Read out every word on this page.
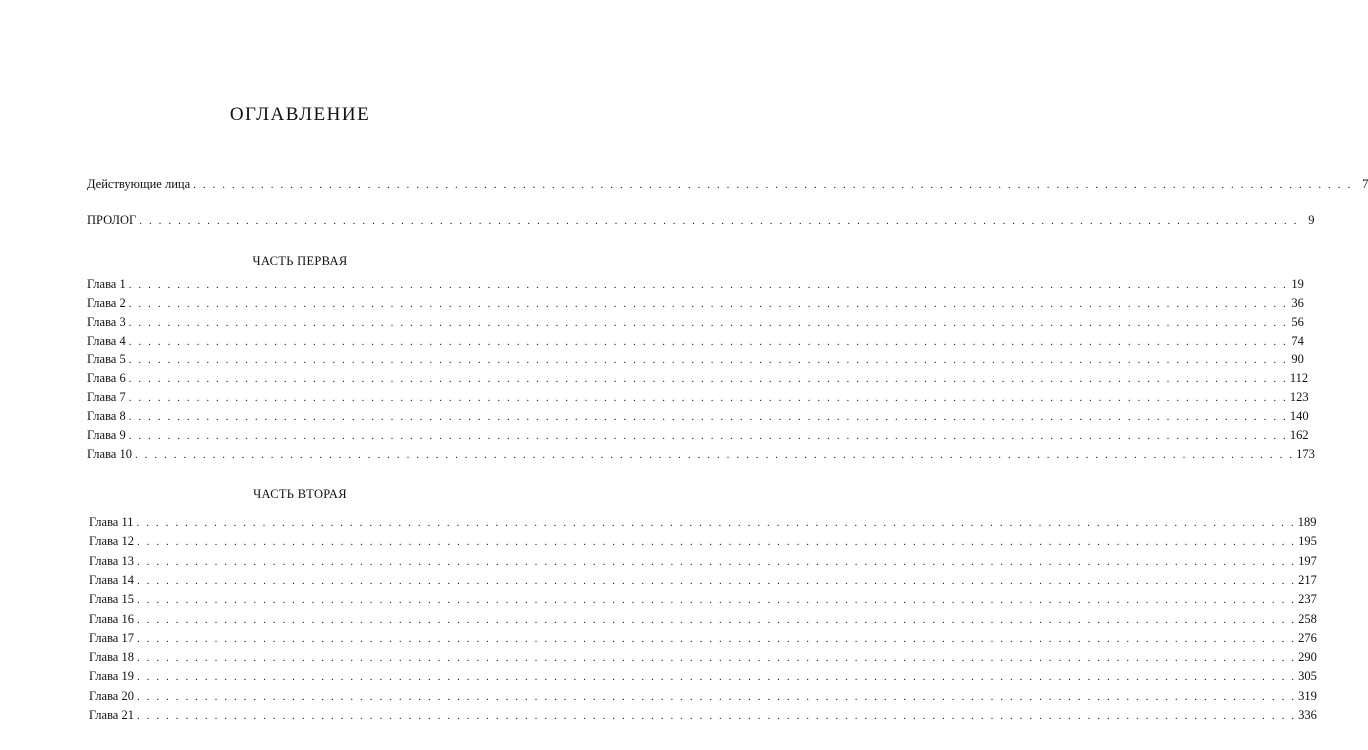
ОГЛАВЛЕНИЕ
Действующие лица . . . . . . . . . . . . . . . . . . . . . . . . . . . . . . . . . . . . . . . . . . . . . . . . . . . . . . . . . . . . . . . . . . . . . . . . . . . . . . . . . . . . . . . . . . . . . . . . . . . . . . . . . . . . . . . . . . . . . . . . 7
ПРОЛОГ . . . . . . . . . . . . . . . . . . . . . . . . . . . . . . . . . . . . . . . . . . . . . . . . . . . . . . . . . . . . . . . . . . . . . . . . . . . . . . . . . . . . . . . . . . . . . . . . . . . . . . . . . . . . . . . . . . . . . . . . 9
ЧАСТЬ ПЕРВАЯ
Глава 1 . . . . . . . . . . . . . . . . . . . . . . . . . . . . . . . . . . . . . . . . . . . . . . . . . . . . . . . . . . . . . . . . . . . . . . . . . . . . . . . . . . . . . . . . . . . . . . . . . . . . . . . . . . . . . . . . . . . . . . . . 19
Глава 2 . . . . . . . . . . . . . . . . . . . . . . . . . . . . . . . . . . . . . . . . . . . . . . . . . . . . . . . . . . . . . . . . . . . . . . . . . . . . . . . . . . . . . . . . . . . . . . . . . . . . . . . . . . . . . . . . . . . . . . . . 36
Глава 3 . . . . . . . . . . . . . . . . . . . . . . . . . . . . . . . . . . . . . . . . . . . . . . . . . . . . . . . . . . . . . . . . . . . . . . . . . . . . . . . . . . . . . . . . . . . . . . . . . . . . . . . . . . . . . . . . . . . . . . . . 56
Глава 4 . . . . . . . . . . . . . . . . . . . . . . . . . . . . . . . . . . . . . . . . . . . . . . . . . . . . . . . . . . . . . . . . . . . . . . . . . . . . . . . . . . . . . . . . . . . . . . . . . . . . . . . . . . . . . . . . . . . . . . . . 74
Глава 5 . . . . . . . . . . . . . . . . . . . . . . . . . . . . . . . . . . . . . . . . . . . . . . . . . . . . . . . . . . . . . . . . . . . . . . . . . . . . . . . . . . . . . . . . . . . . . . . . . . . . . . . . . . . . . . . . . . . . . . . . 90
Глава 6 . . . . . . . . . . . . . . . . . . . . . . . . . . . . . . . . . . . . . . . . . . . . . . . . . . . . . . . . . . . . . . . . . . . . . . . . . . . . . . . . . . . . . . . . . . . . . . . . . . . . . . . . . . . . . . . . . . . . . . . . 112
Глава 7 . . . . . . . . . . . . . . . . . . . . . . . . . . . . . . . . . . . . . . . . . . . . . . . . . . . . . . . . . . . . . . . . . . . . . . . . . . . . . . . . . . . . . . . . . . . . . . . . . . . . . . . . . . . . . . . . . . . . . . . . 123
Глава 8 . . . . . . . . . . . . . . . . . . . . . . . . . . . . . . . . . . . . . . . . . . . . . . . . . . . . . . . . . . . . . . . . . . . . . . . . . . . . . . . . . . . . . . . . . . . . . . . . . . . . . . . . . . . . . . . . . . . . . . . . 140
Глава 9 . . . . . . . . . . . . . . . . . . . . . . . . . . . . . . . . . . . . . . . . . . . . . . . . . . . . . . . . . . . . . . . . . . . . . . . . . . . . . . . . . . . . . . . . . . . . . . . . . . . . . . . . . . . . . . . . . . . . . . . . 162
Глава 10 . . . . . . . . . . . . . . . . . . . . . . . . . . . . . . . . . . . . . . . . . . . . . . . . . . . . . . . . . . . . . . . . . . . . . . . . . . . . . . . . . . . . . . . . . . . . . . . . . . . . . . . . . . . . . . . . . . . . . . . . 173
ЧАСТЬ ВТОРАЯ
Глава 11 . . . . . . . . . . . . . . . . . . . . . . . . . . . . . . . . . . . . . . . . . . . . . . . . . . . . . . . . . . . . . . . . . . . . . . . . . . . . . . . . . . . . . . . . . . . . . . . . . . . . . . . . . . . . . . . . . . . . . . . . 189
Глава 12 . . . . . . . . . . . . . . . . . . . . . . . . . . . . . . . . . . . . . . . . . . . . . . . . . . . . . . . . . . . . . . . . . . . . . . . . . . . . . . . . . . . . . . . . . . . . . . . . . . . . . . . . . . . . . . . . . . . . . . . . 195
Глава 13 . . . . . . . . . . . . . . . . . . . . . . . . . . . . . . . . . . . . . . . . . . . . . . . . . . . . . . . . . . . . . . . . . . . . . . . . . . . . . . . . . . . . . . . . . . . . . . . . . . . . . . . . . . . . . . . . . . . . . . . . 197
Глава 14 . . . . . . . . . . . . . . . . . . . . . . . . . . . . . . . . . . . . . . . . . . . . . . . . . . . . . . . . . . . . . . . . . . . . . . . . . . . . . . . . . . . . . . . . . . . . . . . . . . . . . . . . . . . . . . . . . . . . . . . . 217
Глава 15 . . . . . . . . . . . . . . . . . . . . . . . . . . . . . . . . . . . . . . . . . . . . . . . . . . . . . . . . . . . . . . . . . . . . . . . . . . . . . . . . . . . . . . . . . . . . . . . . . . . . . . . . . . . . . . . . . . . . . . . . 237
Глава 16 . . . . . . . . . . . . . . . . . . . . . . . . . . . . . . . . . . . . . . . . . . . . . . . . . . . . . . . . . . . . . . . . . . . . . . . . . . . . . . . . . . . . . . . . . . . . . . . . . . . . . . . . . . . . . . . . . . . . . . . . 258
Глава 17 . . . . . . . . . . . . . . . . . . . . . . . . . . . . . . . . . . . . . . . . . . . . . . . . . . . . . . . . . . . . . . . . . . . . . . . . . . . . . . . . . . . . . . . . . . . . . . . . . . . . . . . . . . . . . . . . . . . . . . . . 276
Глава 18 . . . . . . . . . . . . . . . . . . . . . . . . . . . . . . . . . . . . . . . . . . . . . . . . . . . . . . . . . . . . . . . . . . . . . . . . . . . . . . . . . . . . . . . . . . . . . . . . . . . . . . . . . . . . . . . . . . . . . . . . 290
Глава 19 . . . . . . . . . . . . . . . . . . . . . . . . . . . . . . . . . . . . . . . . . . . . . . . . . . . . . . . . . . . . . . . . . . . . . . . . . . . . . . . . . . . . . . . . . . . . . . . . . . . . . . . . . . . . . . . . . . . . . . . . 305
Глава 20 . . . . . . . . . . . . . . . . . . . . . . . . . . . . . . . . . . . . . . . . . . . . . . . . . . . . . . . . . . . . . . . . . . . . . . . . . . . . . . . . . . . . . . . . . . . . . . . . . . . . . . . . . . . . . . . . . . . . . . . . 319
Глава 21 . . . . . . . . . . . . . . . . . . . . . . . . . . . . . . . . . . . . . . . . . . . . . . . . . . . . . . . . . . . . . . . . . . . . . . . . . . . . . . . . . . . . . . . . . . . . . . . . . . . . . . . . . . . . . . . . . . . . . . . . 336
